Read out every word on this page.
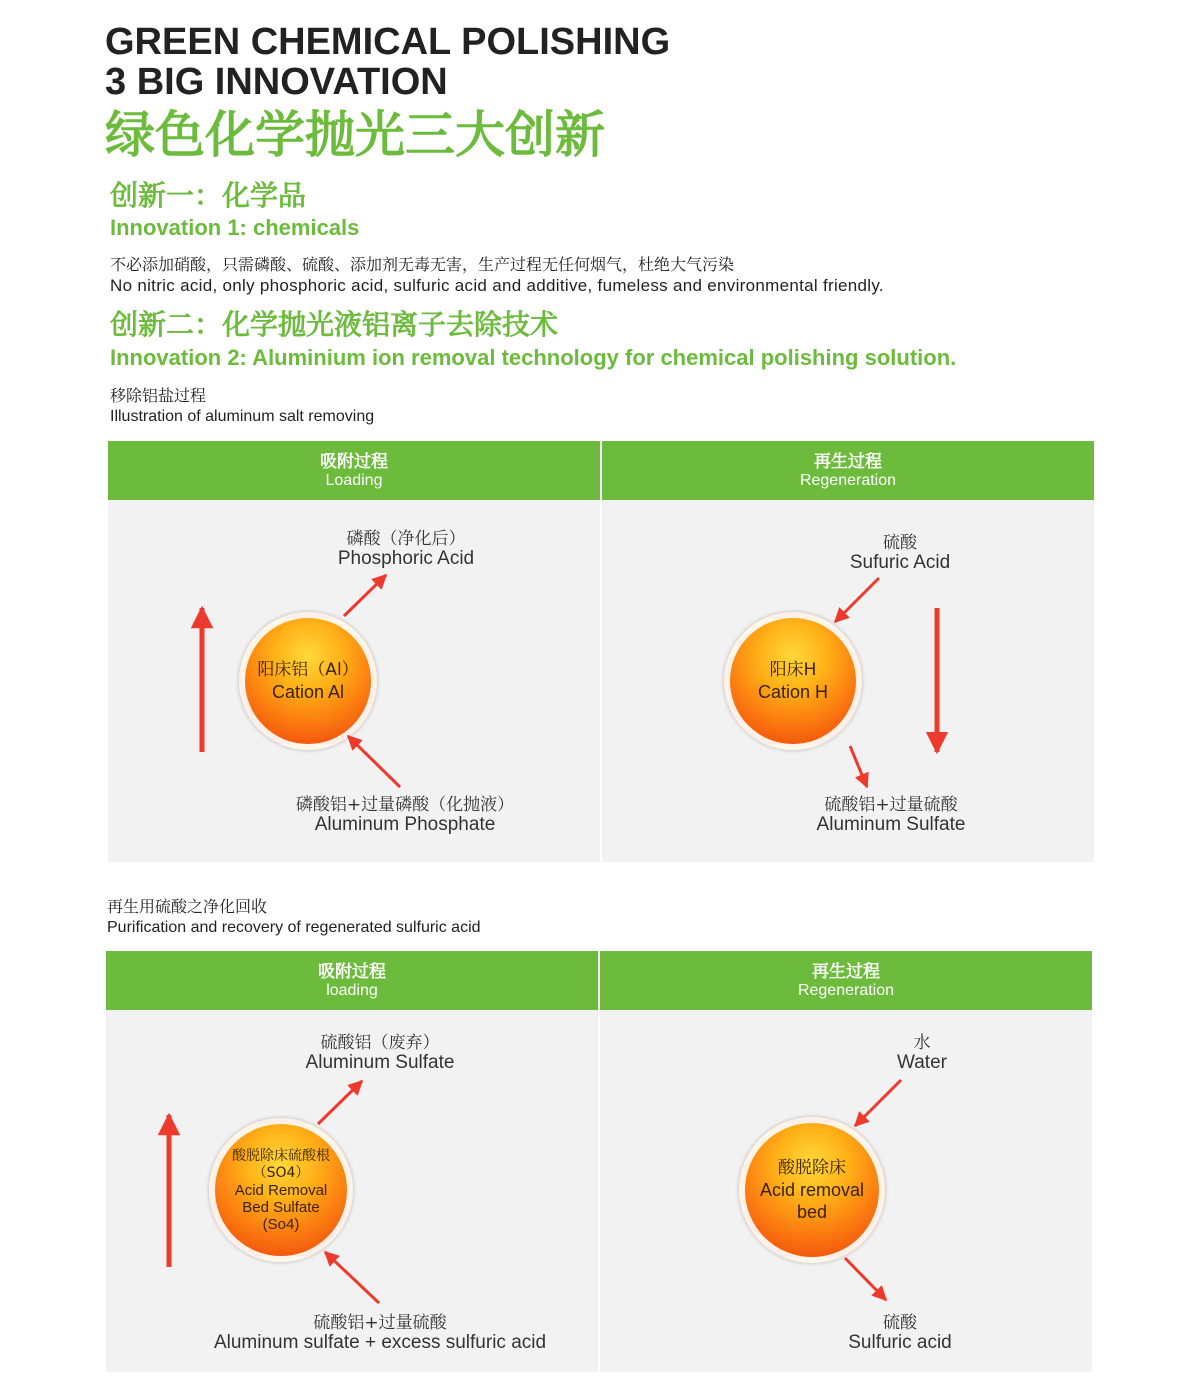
GREEN CHEMICAL POLISHING
3 BIG INNOVATION
绿色化学抛光三大创新
创新一：化学品
Innovation 1: chemicals
不必添加硝酸，只需磷酸、硫酸、添加剂无毒无害，生产过程无任何烟气，杜绝大气污染
No nitric acid, only phosphoric acid, sulfuric acid and additive, fumeless and environmental friendly.
创新二：化学抛光液铝离子去除技术
Innovation 2: Aluminium ion removal technology for chemical polishing solution.
移除铝盐过程
Illustration of aluminum salt removing
吸附过程
Loading
再生过程
Regeneration
磷酸（净化后）
Phosphoric Acid
阳床铝（Al）
Cation Al
磷酸铝+过量磷酸（化抛液）
Aluminum Phosphate
硫酸
Sufuric Acid
阳床H
Cation H
硫酸铝+过量硫酸
Aluminum Sulfate
再生用硫酸之净化回收
Purification and recovery of regenerated sulfuric acid
吸附过程
loading
再生过程
Regeneration
硫酸铝（废弃）
Aluminum Sulfate
酸脱除床硫酸根
（SO4）
Acid Removal
Bed Sulfate
(So4)
硫酸铝+过量硫酸
Aluminum sulfate + excess sulfuric acid
水
Water
酸脱除床
Acid removal
bed
硫酸
Sulfuric acid
